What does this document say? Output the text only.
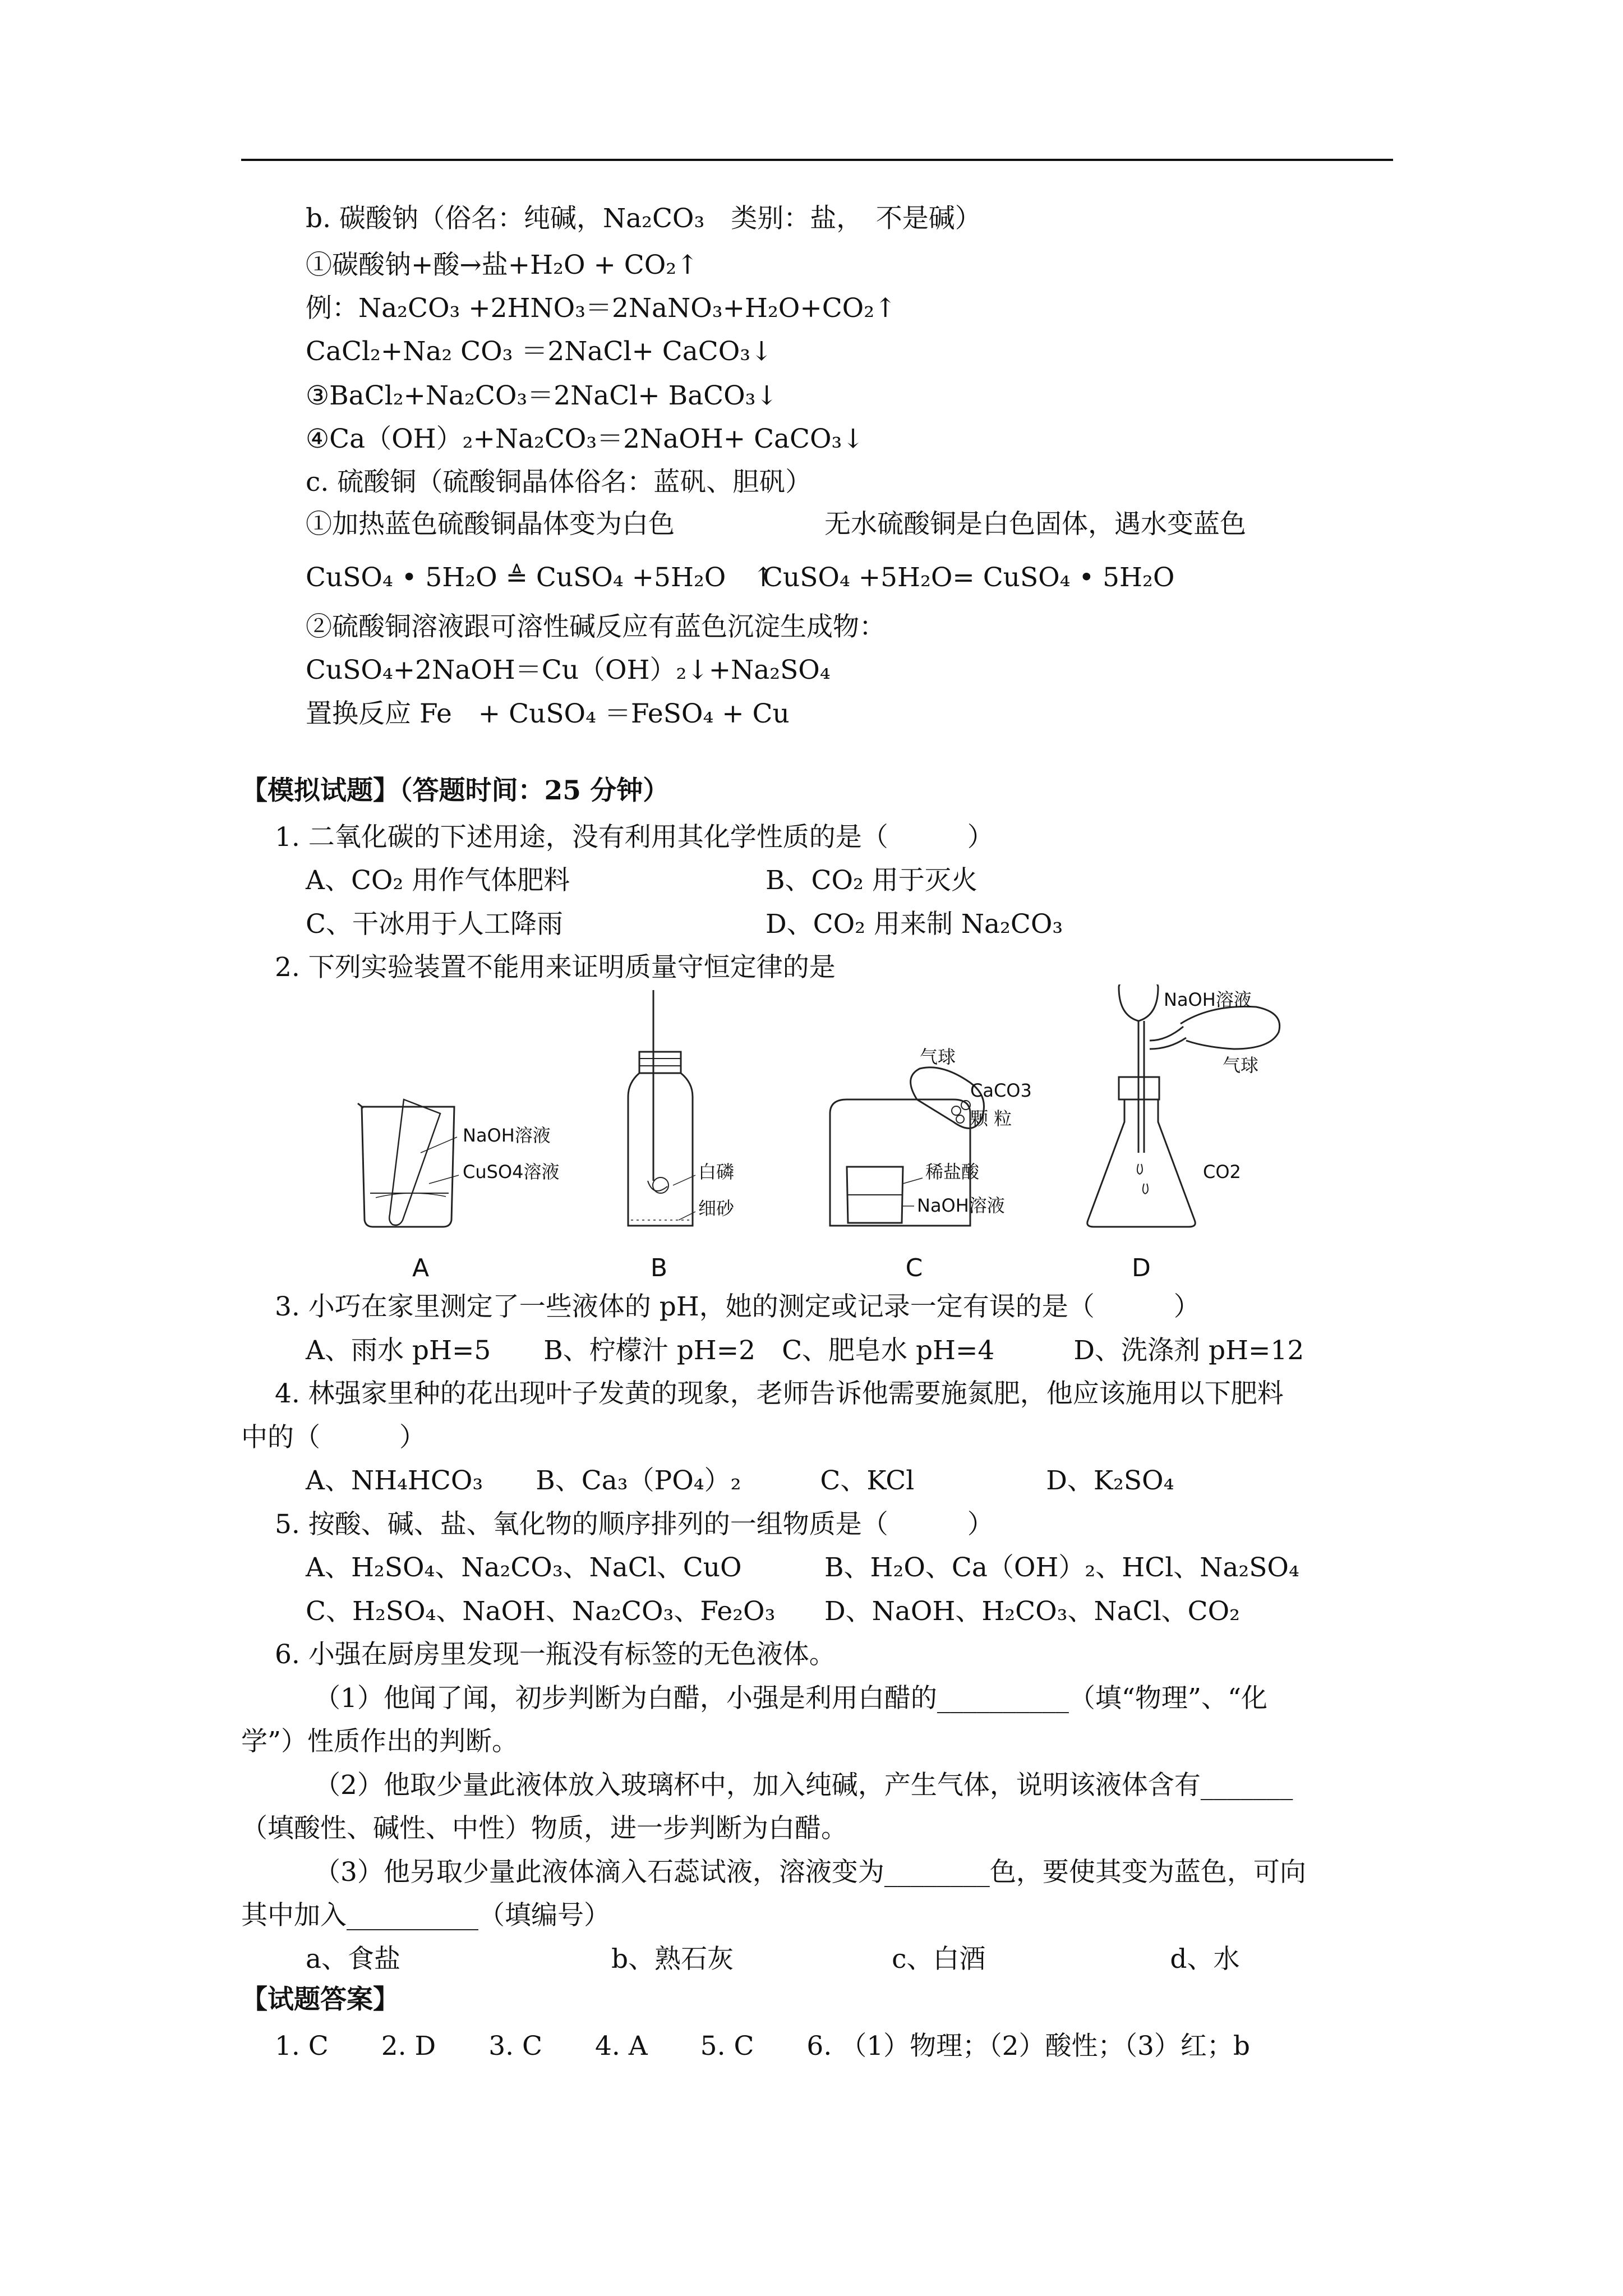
b. 碳酸钠（俗名：纯碱，Na₂CO₃　类别：盐，　不是碱）
①碳酸钠+酸→盐+H₂O + CO₂↑
例：Na₂CO₃ +2HNO₃＝2NaNO₃+H₂O+CO₂↑
CaCl₂+Na₂ CO₃ ＝2NaCl+ CaCO₃↓
③BaCl₂+Na₂CO₃＝2NaCl+ BaCO₃↓
④Ca（OH）₂+Na₂CO₃＝2NaOH+ CaCO₃↓
c. 硫酸铜（硫酸铜晶体俗名：蓝矾、胆矾）
①加热蓝色硫酸铜晶体变为白色	无水硫酸铜是白色固体，遇水变蓝色
CuSO₄ • 5H₂O ≜ CuSO₄ +5H₂O　↑
CuSO₄ +5H₂O= CuSO₄ • 5H₂O
②硫酸铜溶液跟可溶性碱反应有蓝色沉淀生成物：
CuSO₄+2NaOH＝Cu（OH）₂↓+Na₂SO₄
置换反应 Fe　+ CuSO₄ ＝FeSO₄ + Cu
【模拟试题】（答题时间：25 分钟）
1. 二氧化碳的下述用途，没有利用其化学性质的是（　　　）
A、CO₂ 用作气体肥料	B、CO₂ 用于灭火
C、干冰用于人工降雨	D、CO₂ 用来制 Na₂CO₃
2. 下列实验装置不能用来证明质量守恒定律的是
NaOH溶液
CuSO4溶液	白磷
细砂
气球
CaCO3
颗 粒
稀盐酸
NaOH溶液
NaOH溶液
气球
CO2
A	B	C	D
3. 小巧在家里测定了一些液体的 pH，她的测定或记录一定有误的是（　　　）
A、雨水 pH=5　　B、柠檬汁 pH=2　C、肥皂水 pH=4　　　D、洗涤剂 pH=12
4. 林强家里种的花出现叶子发黄的现象，老师告诉他需要施氮肥，他应该施用以下肥料
中的（　　　）
A、NH₄HCO₃　　B、Ca₃（PO₄）₂　　　C、KCl　　　　　D、K₂SO₄
5. 按酸、碱、盐、氧化物的顺序排列的一组物质是（　　　）
A、H₂SO₄、Na₂CO₃、NaCl、CuO	B、H₂O、Ca（OH）₂、HCl、Na₂SO₄
C、H₂SO₄、NaOH、Na₂CO₃、Fe₂O₃ D、NaOH、H₂CO₃、NaCl、CO₂
6. 小强在厨房里发现一瓶没有标签的无色液体。
（1）他闻了闻，初步判断为白醋，小强是利用白醋的__________（填“物理”、“化
学”）性质作出的判断。
（2）他取少量此液体放入玻璃杯中，加入纯碱，产生气体，说明该液体含有_______
（填酸性、碱性、中性）物质，进一步判断为白醋。
（3）他另取少量此液体滴入石蕊试液，溶液变为________色，要使其变为蓝色，可向
其中加入__________（填编号）
a、食盐　　　　　　　　b、熟石灰　　　　　　c、白酒　　　　　　　d、水
【试题答案】
1. C　　2. D　　3. C　　4. A　　5. C　　6. （1）物理；（2）酸性；（3）红；b
